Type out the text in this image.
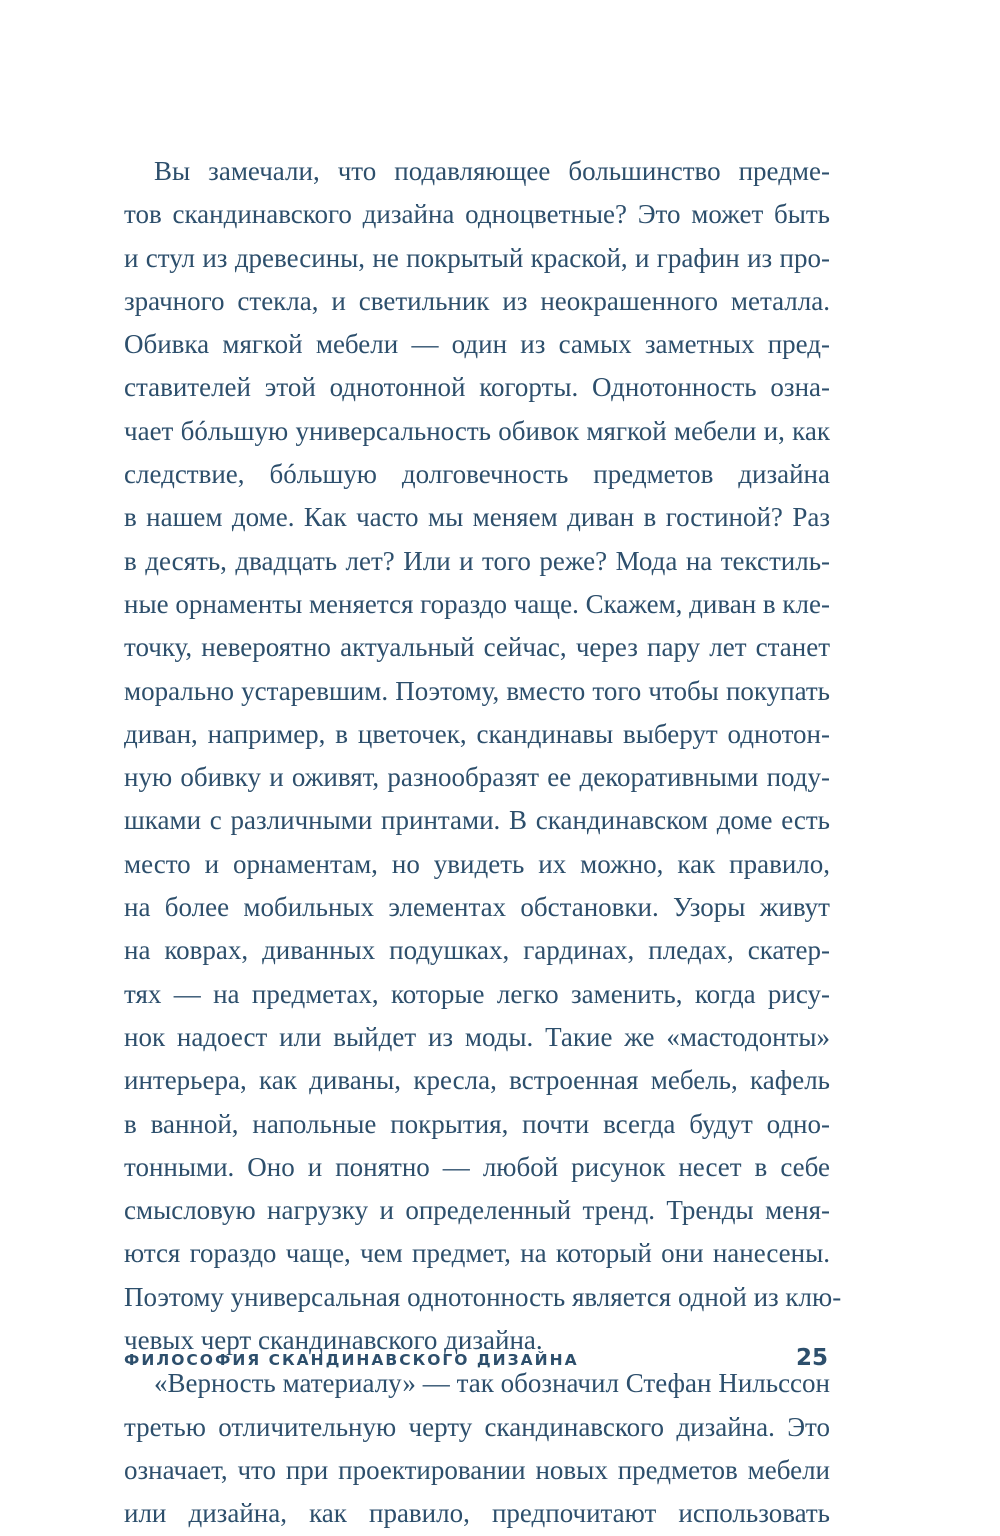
Вы замечали, что подавляющее большинство предме-
тов скандинавского дизайна одноцветные? Это может быть
и стул из древесины, не покрытый краской, и графин из про-
зрачного стекла, и светильник из неокрашенного металла.
Обивка мягкой мебели — один из самых заметных пред-
ставителей этой однотонной когорты. Однотонность озна-
чает бóльшую универсальность обивок мягкой мебели и, как
следствие, бóльшую долговечность предметов дизайна
в нашем доме. Как часто мы меняем диван в гостиной? Раз
в десять, двадцать лет? Или и того реже? Мода на текстиль-
ные орнаменты меняется гораздо чаще. Скажем, диван в кле-
точку, невероятно актуальный сейчас, через пару лет станет
морально устаревшим. Поэтому, вместо того чтобы покупать
диван, например, в цветочек, скандинавы выберут однотон-
ную обивку и оживят, разнообразят ее декоративными поду-
шками с различными принтами. В скандинавском доме есть
место и орнаментам, но увидеть их можно, как правило,
на более мобильных элементах обстановки. Узоры живут
на коврах, диванных подушках, гардинах, пледах, скатер-
тях — на предметах, которые легко заменить, когда рису-
нок надоест или выйдет из моды. Такие же «мастодонты»
интерьера, как диваны, кресла, встроенная мебель, кафель
в ванной, напольные покрытия, почти всегда будут одно-
тонными. Оно и понятно — любой рисунок несет в себе
смысловую нагрузку и определенный тренд. Тренды меня-
ются гораздо чаще, чем предмет, на который они нанесены.
Поэтому универсальная однотонность является одной из клю-
чевых черт скандинавского дизайна.
«Верность материалу» — так обозначил Стефан Нильссон
третью отличительную черту скандинавского дизайна. Это
означает, что при проектировании новых предметов мебели
или дизайна, как правило, предпочитают использовать
ФИЛОСОФИЯ СКАНДИНАВСКОГО ДИЗАЙНА	25
